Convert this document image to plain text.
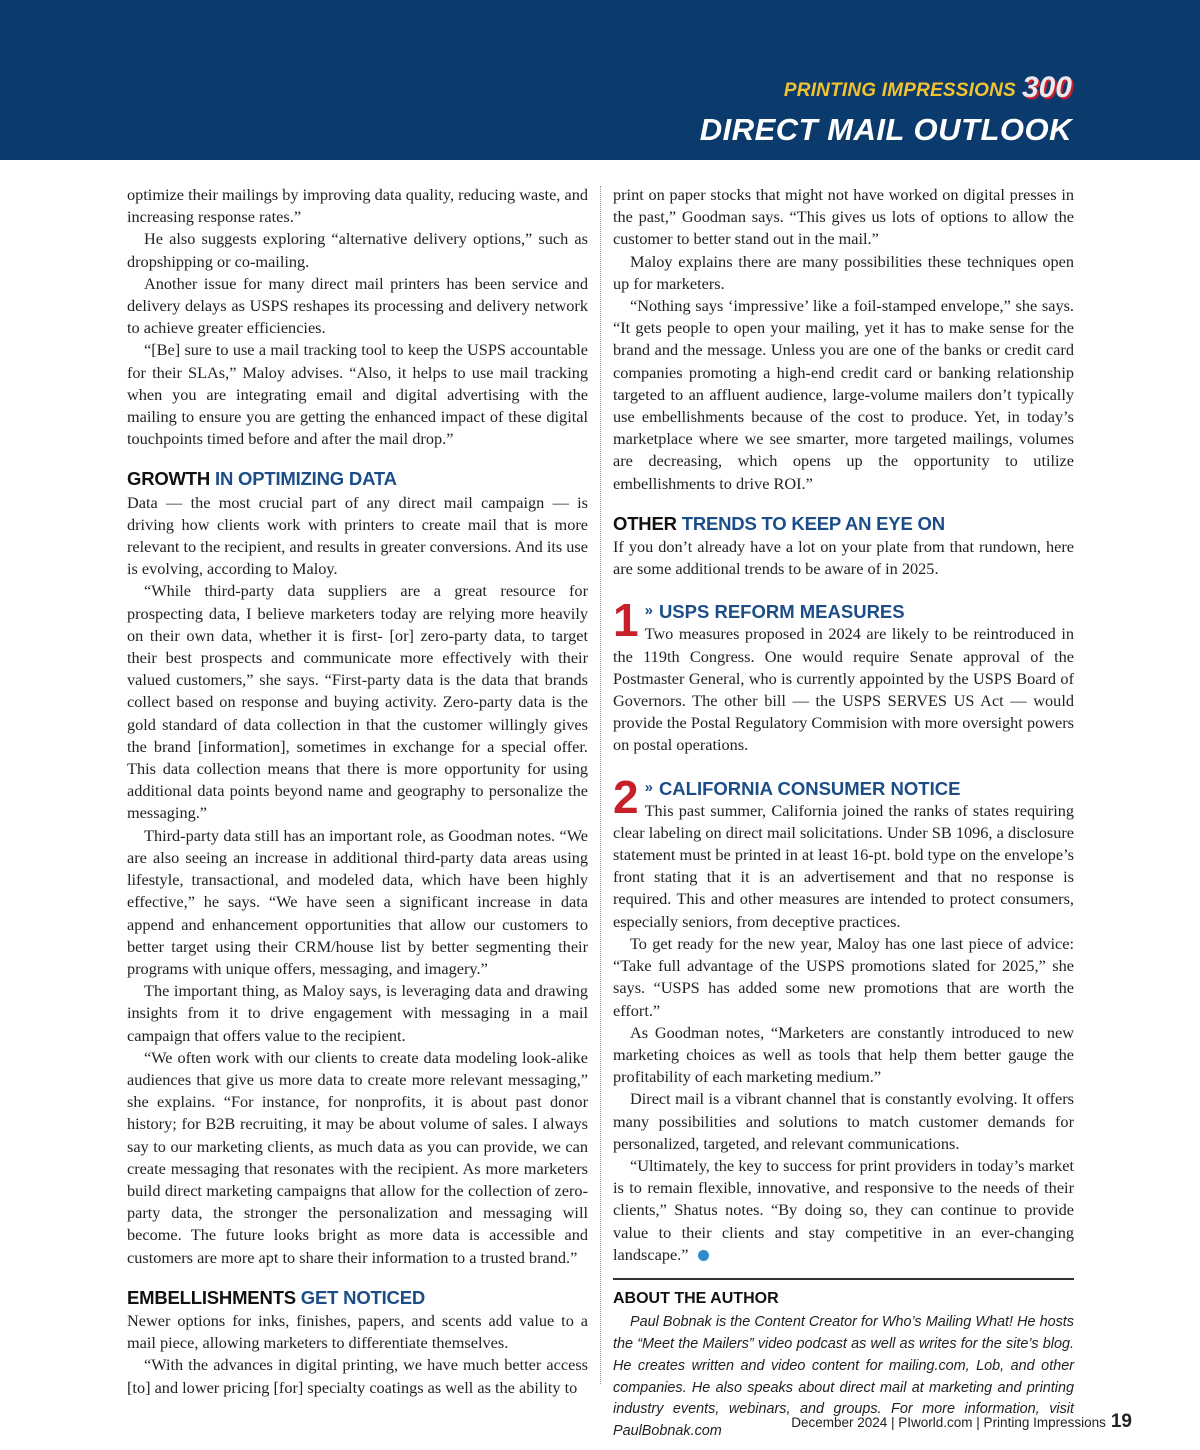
PRINTING IMPRESSIONS 300
DIRECT MAIL OUTLOOK

optimize their mailings by improving data quality, reducing waste, and increasing response rates.”

He also suggests exploring “alternative delivery options,” such as dropshipping or co-mailing.

Another issue for many direct mail printers has been service and delivery delays as USPS reshapes its processing and delivery network to achieve greater efficiencies.

“[Be] sure to use a mail tracking tool to keep the USPS accountable for their SLAs,” Maloy advises. “Also, it helps to use mail tracking when you are integrating email and digital advertising with the mailing to ensure you are getting the enhanced impact of these digital touchpoints timed before and after the mail drop.”

GROWTH IN OPTIMIZING DATA

Data — the most crucial part of any direct mail campaign — is driving how clients work with printers to create mail that is more relevant to the recipient, and results in greater conversions. And its use is evolving, according to Maloy.

“While third-party data suppliers are a great resource for prospecting data, I believe marketers today are relying more heavily on their own data, whether it is first- [or] zero-party data, to target their best prospects and communicate more effectively with their valued customers,” she says. “First-party data is the data that brands collect based on response and buying activity. Zero-party data is the gold standard of data collection in that the customer willingly gives the brand [information], sometimes in exchange for a special offer. This data collection means that there is more opportunity for using additional data points beyond name and geography to personalize the messaging.”

Third-party data still has an important role, as Goodman notes. “We are also seeing an increase in additional third-party data areas using lifestyle, transactional, and modeled data, which have been highly effective,” he says. “We have seen a significant increase in data append and enhancement opportunities that allow our customers to better target using their CRM/house list by better segmenting their programs with unique offers, messaging, and imagery.”

The important thing, as Maloy says, is leveraging data and drawing insights from it to drive engagement with messaging in a mail campaign that offers value to the recipient.

“We often work with our clients to create data modeling look-alike audiences that give us more data to create more relevant messaging,” she explains. “For instance, for nonprofits, it is about past donor history; for B2B recruiting, it may be about volume of sales. I always say to our marketing clients, as much data as you can provide, we can create messaging that resonates with the recipient. As more marketers build direct marketing campaigns that allow for the collection of zero-party data, the stronger the personalization and messaging will become. The future looks bright as more data is accessible and customers are more apt to share their information to a trusted brand.”

EMBELLISHMENTS GET NOTICED

Newer options for inks, finishes, papers, and scents add value to a mail piece, allowing marketers to differentiate themselves.

“With the advances in digital printing, we have much better access [to] and lower pricing [for] specialty coatings as well as the ability to

print on paper stocks that might not have worked on digital presses in the past,” Goodman says. “This gives us lots of options to allow the customer to better stand out in the mail.”

Maloy explains there are many possibilities these techniques open up for marketers.

“Nothing says ‘impressive’ like a foil-stamped envelope,” she says. “It gets people to open your mailing, yet it has to make sense for the brand and the message. Unless you are one of the banks or credit card companies promoting a high-end credit card or banking relationship targeted to an affluent audience, large-volume mailers don’t typically use embellishments because of the cost to produce. Yet, in today’s marketplace where we see smarter, more targeted mailings, volumes are decreasing, which opens up the opportunity to utilize embellishments to drive ROI.”

OTHER TRENDS TO KEEP AN EYE ON

If you don’t already have a lot on your plate from that rundown, here are some additional trends to be aware of in 2025.

1 » USPS REFORM MEASURES

Two measures proposed in 2024 are likely to be reintroduced in the 119th Congress. One would require Senate approval of the Postmaster General, who is currently appointed by the USPS Board of Governors. The other bill — the USPS SERVES US Act — would provide the Postal Regulatory Commision with more oversight powers on postal operations.

2 » CALIFORNIA CONSUMER NOTICE

This past summer, California joined the ranks of states requiring clear labeling on direct mail solicitations. Under SB 1096, a disclosure statement must be printed in at least 16-pt. bold type on the envelope’s front stating that it is an advertisement and that no response is required. This and other measures are intended to protect consumers, especially seniors, from deceptive practices.

To get ready for the new year, Maloy has one last piece of advice: “Take full advantage of the USPS promotions slated for 2025,” she says. “USPS has added some new promotions that are worth the effort.”

As Goodman notes, “Marketers are constantly introduced to new marketing choices as well as tools that help them better gauge the profitability of each marketing medium.”

Direct mail is a vibrant channel that is constantly evolving. It offers many possibilities and solutions to match customer demands for personalized, targeted, and relevant communications.

“Ultimately, the key to success for print providers in today’s market is to remain flexible, innovative, and responsive to the needs of their clients,” Shatus notes. “By doing so, they can continue to provide value to their clients and stay competitive in an ever-changing landscape.”

ABOUT THE AUTHOR

Paul Bobnak is the Content Creator for Who’s Mailing What! He hosts the “Meet the Mailers” video podcast as well as writes for the site’s blog. He creates written and video content for mailing.com, Lob, and other companies. He also speaks about direct mail at marketing and printing industry events, webinars, and groups. For more information, visit PaulBobnak.com

December 2024 | PIworld.com | Printing Impressions 19
